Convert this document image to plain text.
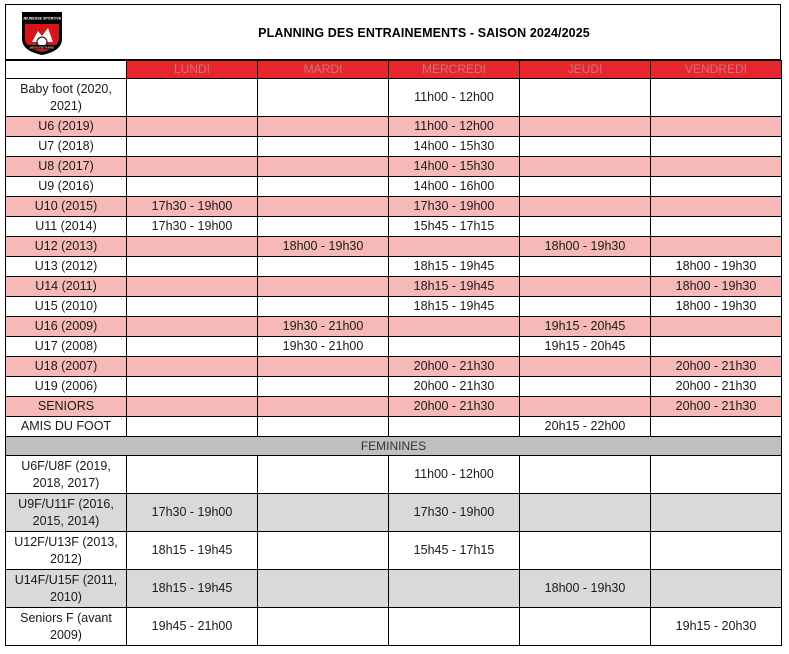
JEUNESSE SPORTIVE
BEAUSSETANNE
PLANNING DES ENTRAINEMENTS - SAISON 2024/2025
	LUNDI	MARDI	MERCREDI	JEUDI	VENDREDI
Baby foot (2020, 2021)			11h00 - 12h00		
U6 (2019)			11h00 - 12h00		
U7 (2018)			14h00 - 15h30		
U8 (2017)			14h00 - 15h30		
U9 (2016)			14h00 - 16h00		
U10 (2015)	17h30 - 19h00		17h30 - 19h00		
U11 (2014)	17h30 - 19h00		15h45 - 17h15		
U12 (2013)		18h00 - 19h30		18h00 - 19h30	
U13 (2012)			18h15 - 19h45		18h00 - 19h30
U14 (2011)			18h15 - 19h45		18h00 - 19h30
U15 (2010)			18h15 - 19h45		18h00 - 19h30
U16 (2009)		19h30 - 21h00		19h15 - 20h45	
U17 (2008)		19h30 - 21h00		19h15 - 20h45	
U18 (2007)			20h00 - 21h30		20h00 - 21h30
U19 (2006)			20h00 - 21h30		20h00 - 21h30
SENIORS			20h00 - 21h30		20h00 - 21h30
AMIS DU FOOT				20h15 - 22h00	
FEMININES					
U6F/U8F (2019, 2018, 2017)			11h00 - 12h00		
U9F/U11F (2016, 2015, 2014)	17h30 - 19h00		17h30 - 19h00		
U12F/U13F (2013, 2012)	18h15 - 19h45		15h45 - 17h15		
U14F/U15F (2011, 2010)	18h15 - 19h45			18h00 - 19h30	
Seniors F (avant 2009)	19h45 - 21h00				19h15 - 20h30
